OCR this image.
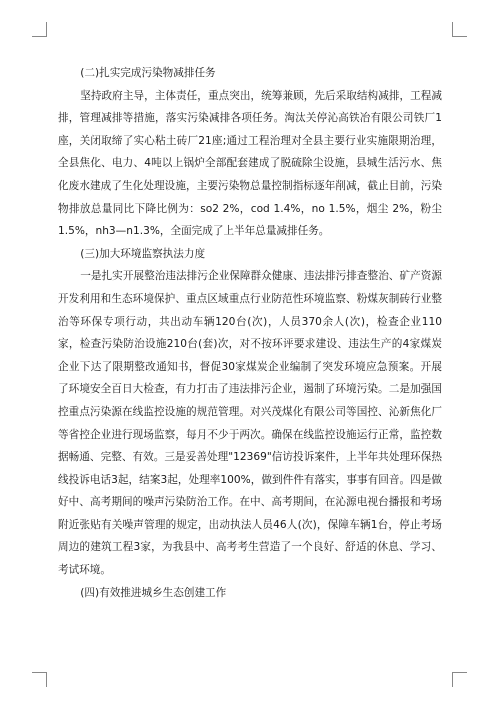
(二)扎实完成污染物减排任务

坚持政府主导，主体责任，重点突出，统筹兼顾，先后采取结构减排，工程减排，管理减排等措施，落实污染减排各项任务。淘汰关停沁高铁冶有限公司铁厂1座，关闭取缔了实心粘土砖厂21座;通过工程治理对全县主要行业实施限期治理，全县焦化、电力、4吨以上锅炉全部配套建成了脱硫除尘设施，县城生活污水、焦化废水建成了生化处理设施，主要污染物总量控制指标逐年削减，截止目前，污染物排放总量同比下降比例为：so2 2%，cod 1.4%，no 1.5%，烟尘 2%，粉尘 1.5%，nh3—n1.3%，全面完成了上半年总量减排任务。

(三)加大环境监察执法力度

一是扎实开展整治违法排污企业保障群众健康、违法排污排查整治、矿产资源开发利用和生态环境保护、重点区域重点行业防范性环境监察、粉煤灰制砖行业整治等环保专项行动，共出动车辆120台(次)，人员370余人(次)，检查企业110家，检查污染防治设施210台(套)次，对不按环评要求建设、违法生产的4家煤炭企业下达了限期整改通知书，督促30家煤炭企业编制了突发环境应急预案。开展了环境安全百日大检查，有力打击了违法排污企业，遏制了环境污染。二是加强国控重点污染源在线监控设施的规范管理。对兴茂煤化有限公司等国控、沁新焦化厂等省控企业进行现场监察，每月不少于两次。确保在线监控设施运行正常，监控数据畅通、完整、有效。三是妥善处理"12369"信访投诉案件，上半年共处理环保热线投诉电话3起，结案3起，处理率100%，做到件件有落实，事事有回音。四是做好中、高考期间的噪声污染防治工作。在中、高考期间，在沁源电视台播报和考场附近张贴有关噪声管理的规定，出动执法人员46人(次)，保障车辆1台，停止考场周边的建筑工程3家，为我县中、高考考生营造了一个良好、舒适的休息、学习、考试环境。

(四)有效推进城乡生态创建工作
